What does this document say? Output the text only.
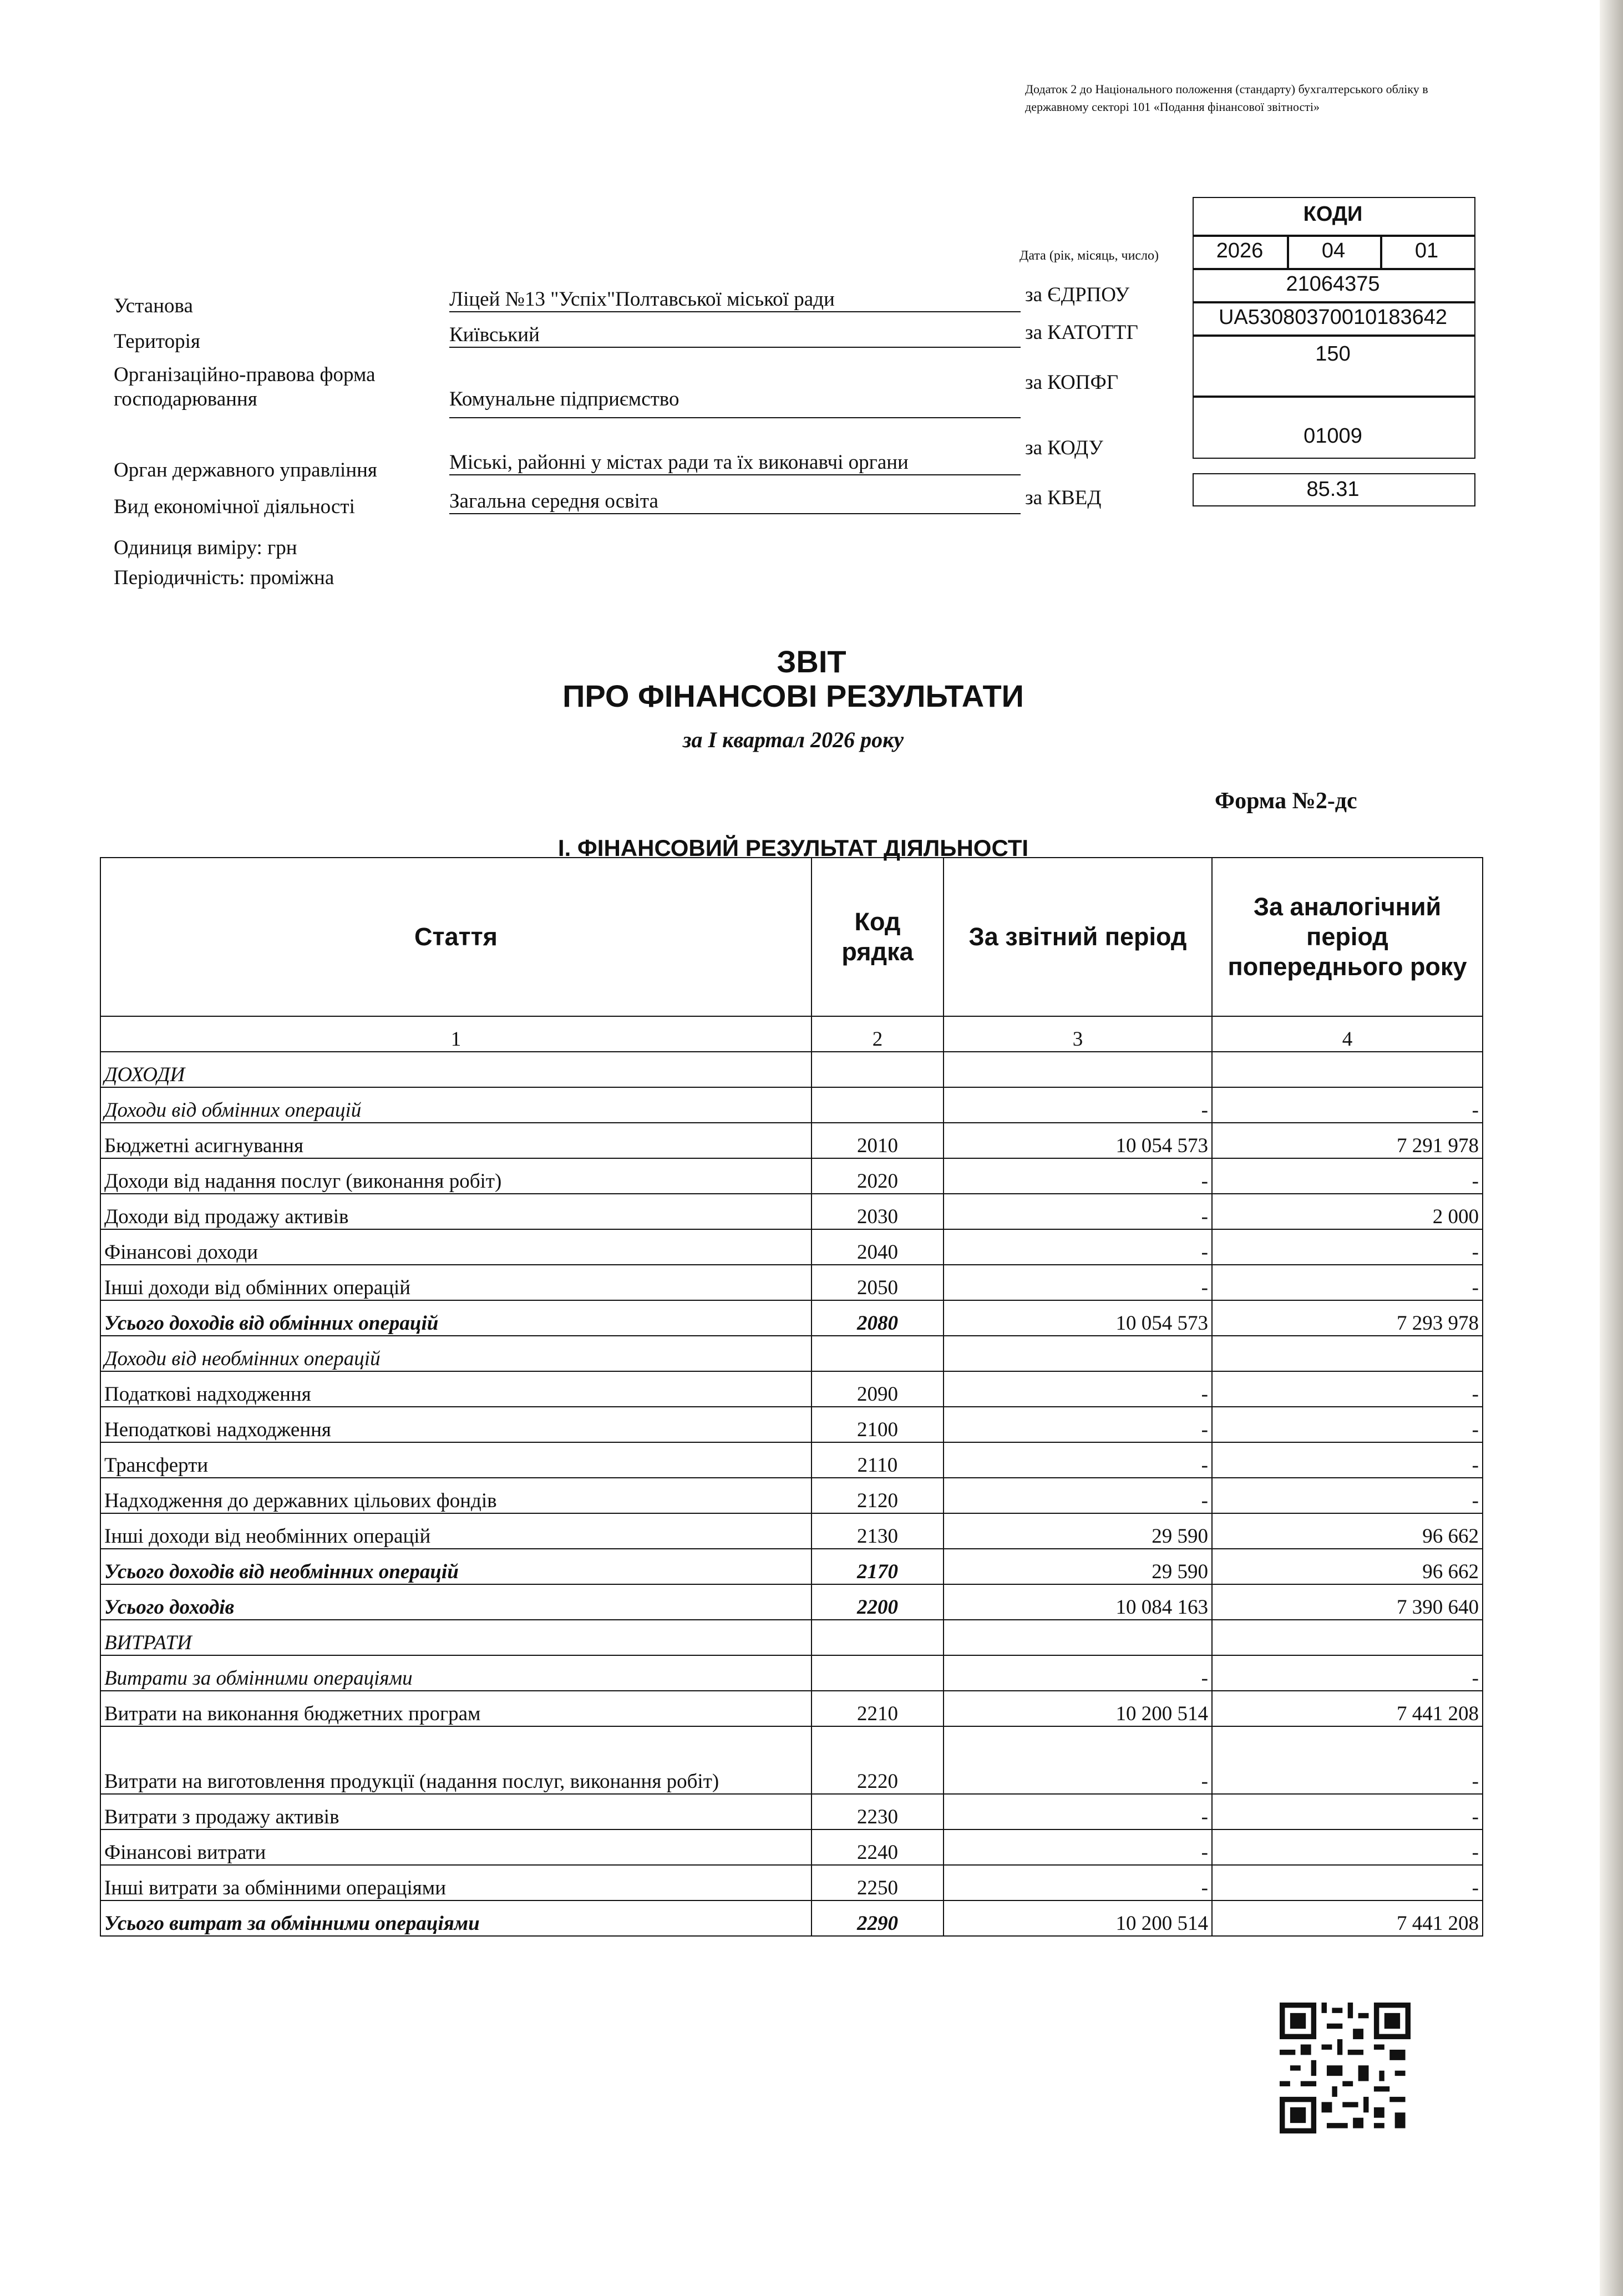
Додаток 2 до Національного положення (стандарту) бухгалтерського обліку в державному секторі 101 «Подання фінансової звітності»
КОДИ
2026	04	01
21064375
UA53080370010183642
150
01009
85.31
Дата (рік, місяць, число)
Установа	Ліцей №13 "Успіх"Полтавської міської ради	за ЄДРПОУ
Територія	Київський	за КАТОТТГ
Організаційно-правова форма господарювання	Комунальне підприємство
за КОПФГ
Орган державного управління	Міські, районні у містах ради та їх виконавчі органи
за КОДУ
Вид економічної діяльності	Загальна середня освіта	за КВЕД
Одиниця виміру: грн
Періодичність: проміжна
ЗВІТ
ПРО ФІНАНСОВІ РЕЗУЛЬТАТИ
за I квартал 2026 року
Форма №2-дс
I. ФІНАНСОВИЙ РЕЗУЛЬТАТ ДІЯЛЬНОСТІ
Стаття	Код рядка	За звітний період	За аналогічний період попереднього року
1	2	3	4
ДОХОДИ			
Доходи від обмінних операцій		-	-
Бюджетні асигнування	2010	10 054 573	7 291 978
Доходи від надання послуг (виконання робіт)	2020	-	-
Доходи від продажу активів	2030	-	2 000
Фінансові доходи	2040	-	-
Інші доходи від обмінних операцій	2050	-	-
Усього доходів від обмінних операцій	2080	10 054 573	7 293 978
Доходи від необмінних операцій			
Податкові надходження	2090	-	-
Неподаткові надходження	2100	-	-
Трансферти	2110	-	-
Надходження до державних цільових фондів	2120	-	-
Інші доходи від необмінних операцій	2130	29 590	96 662
Усього доходів від необмінних операцій	2170	29 590	96 662
Усього доходів	2200	10 084 163	7 390 640
ВИТРАТИ			
Витрати за обмінними операціями		-	-
Витрати на виконання бюджетних програм	2210	10 200 514	7 441 208
Витрати на виготовлення продукції (надання послуг, виконання робіт)	2220	-	-
Витрати з продажу активів	2230	-	-
Фінансові витрати	2240	-	-
Інші витрати за обмінними операціями	2250	-	-
Усього витрат за обмінними операціями	2290	10 200 514	7 441 208
